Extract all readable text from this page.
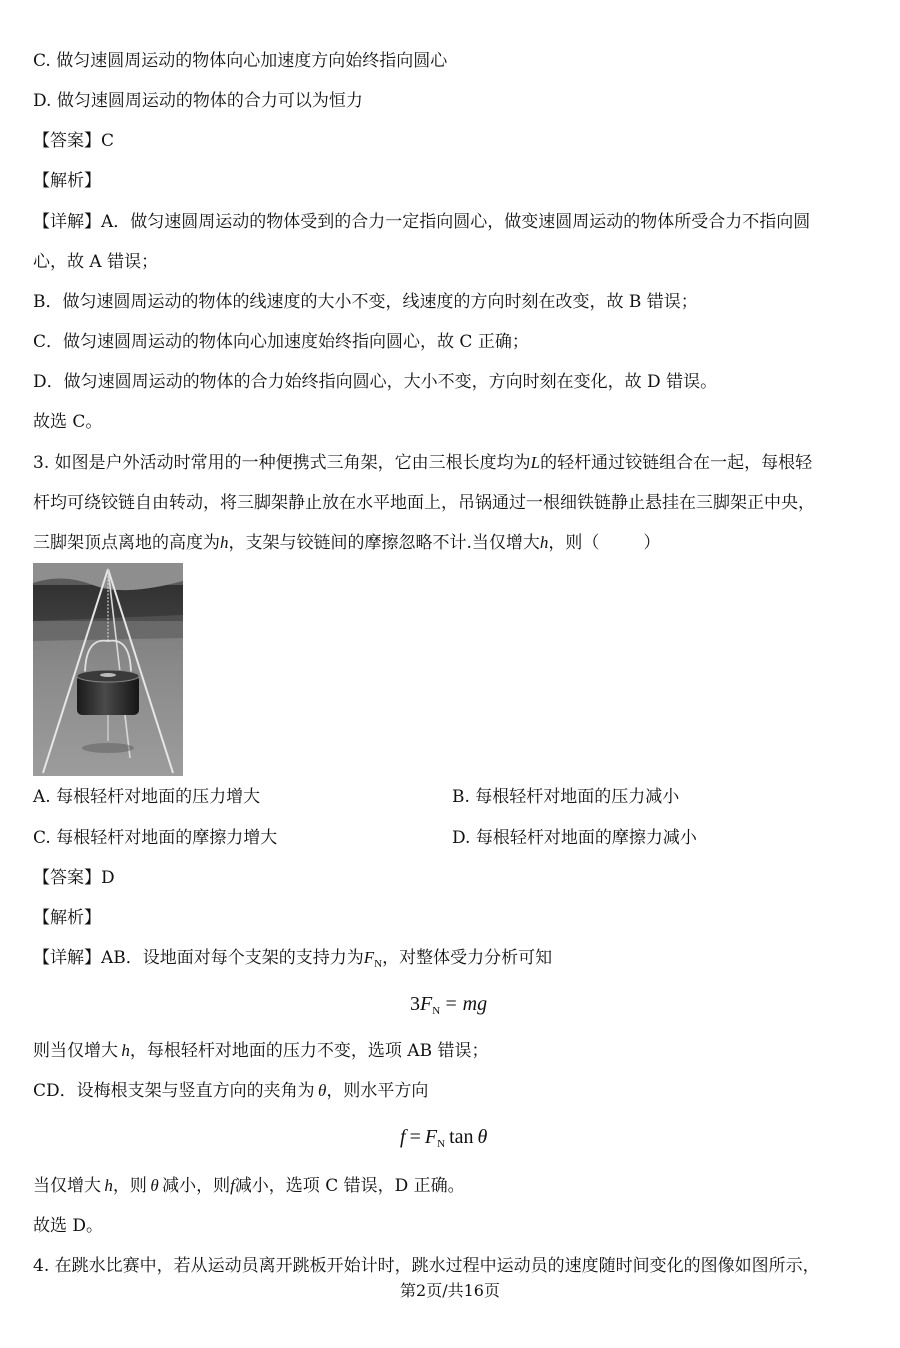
C. 做匀速圆周运动的物体向心加速度方向始终指向圆心
D. 做匀速圆周运动的物体的合力可以为恒力
【答案】C
【解析】
【详解】A．做匀速圆周运动的物体受到的合力一定指向圆心，做变速圆周运动的物体所受合力不指向圆
心，故 A 错误；
B．做匀速圆周运动的物体的线速度的大小不变，线速度的方向时刻在改变，故 B 错误；
C．做匀速圆周运动的物体向心加速度始终指向圆心，故 C 正确；
D．做匀速圆周运动的物体的合力始终指向圆心，大小不变，方向时刻在变化，故 D 错误。
故选 C。
3. 如图是户外活动时常用的一种便携式三角架，它由三根长度均为L的轻杆通过铰链组合在一起，每根轻
杆均可绕铰链自由转动，将三脚架静止放在水平地面上，吊锅通过一根细铁链静止悬挂在三脚架正中央，
三脚架顶点离地的高度为h，支架与铰链间的摩擦忽略不计.当仅增大h，则（	）
A. 每根轻杆对地面的压力增大	B. 每根轻杆对地面的压力减小
C. 每根轻杆对地面的摩擦力增大	D. 每根轻杆对地面的摩擦力减小
【答案】D
【解析】
【详解】AB．设地面对每个支架的支持力为$F_N$，对整体受力分析可知
$3F_N$  = mg
则当仅增大  h，每根轻杆对地面的压力不变，选项 AB 错误；
CD．设梅根支架与竖直方向的夹角为  θ，则水平方向
$f = F_N$  tan  θ
当仅增大  h，则  θ  减小，则f减小，选项 C 错误，D 正确。
故选 D。
4. 在跳水比赛中，若从运动员离开跳板开始计时，跳水过程中运动员的速度随时间变化的图像如图所示，
第2页/共16页
